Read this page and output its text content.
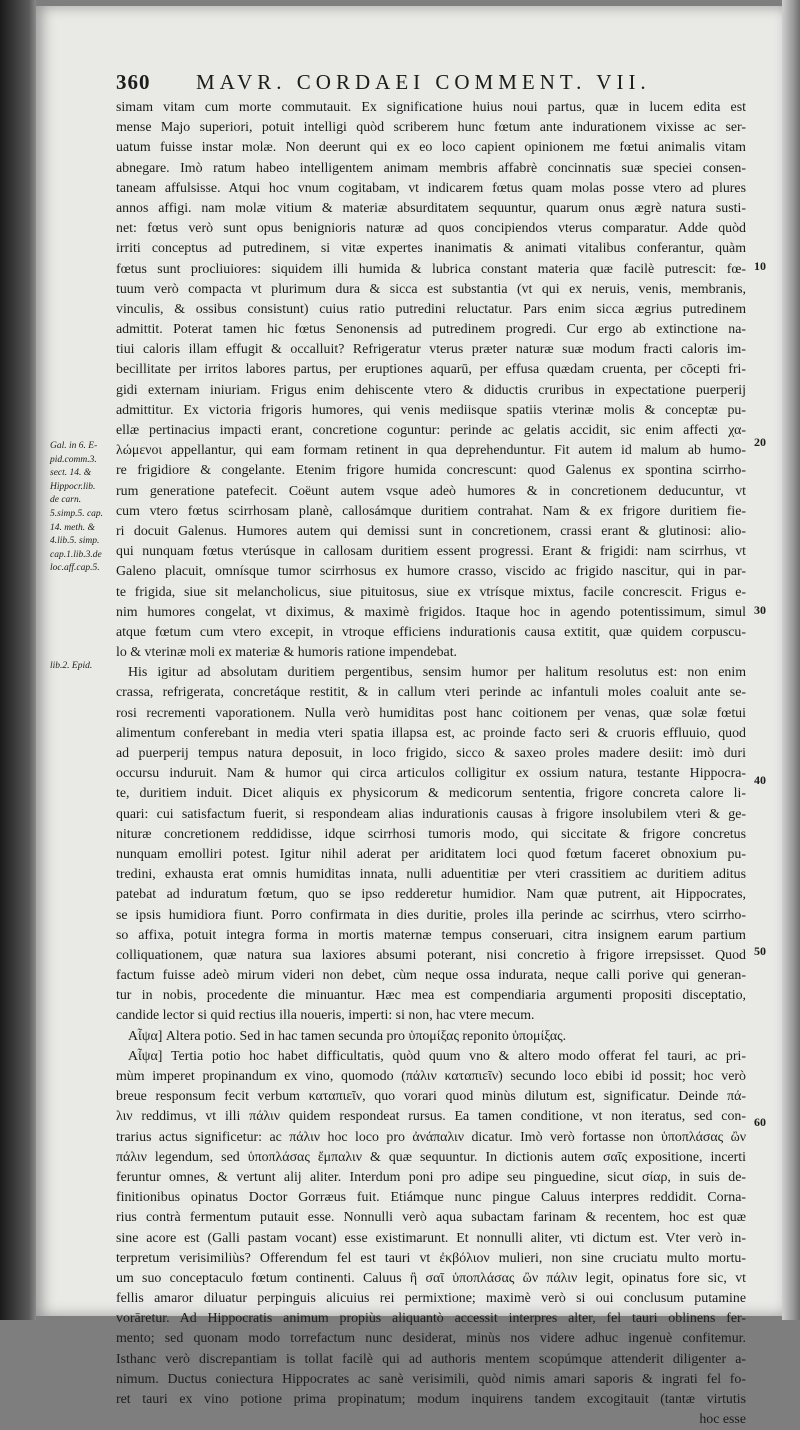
360 MAVR. CORDAEI COMMENT. VII.
Gal. in 6. E-
pid.comm.3.
sect. 14. &
Hippocr.lib.
de carn.
5.simp.5. cap.
14. meth. &
4.lib.5. simp.
cap.1.lib.3.de
loc.aff.cap.5.
lib.2. Epid.
10
20
30
40
50
60
simam vitam cum morte commutauit. Ex significatione huius noui partus, quæ in lucem edita est
mense Majo superiori, potuit intelligi quòd scriberem hunc fœtum ante indurationem vixisse ac ser-
uatum fuisse instar molæ. Non deerunt qui ex eo loco capient opinionem me fœtui animalis vitam
abnegare. Imò ratum habeo intelligentem animam membris affabrè concinnatis suæ speciei consen-
taneam affulsisse. Atqui hoc vnum cogitabam, vt indicarem fœtus quam molas posse vtero ad plures
annos affigi. nam molæ vitium & materiæ absurditatem sequuntur, quarum onus ægrè natura susti-
net: fœtus verò sunt opus benignioris naturæ ad quos concipiendos vterus comparatur. Adde quòd
irriti conceptus ad putredinem, si vitæ expertes inanimatis & animati vitalibus conferantur, quàm
fœtus sunt procliuiores: siquidem illi humida & lubrica constant materia quæ facilè putrescit: fœ-
tuum verò compacta vt plurimum dura & sicca est substantia (vt qui ex neruis, venis, membranis,
vinculis, & ossibus consistunt) cuius ratio putredini reluctatur. Pars enim sicca ægrius putredinem
admittit. Poterat tamen hic fœtus Senonensis ad putredinem progredi. Cur ergo ab extinctione na-
tiui caloris illam effugit & occalluit? Refrigeratur vterus præter naturæ suæ modum fracti caloris im-
becillitate per irritos labores partus, per eruptiones aquarū, per effusa quædam cruenta, per cōcepti fri-
gidi externam iniuriam. Frigus enim dehiscente vtero & diductis cruribus in expectatione puerperij
admittitur. Ex victoria frigoris humores, qui venis mediisque spatiis vterinæ molis & conceptæ pu-
ellæ pertinacius impacti erant, concretione coguntur: perinde ac gelatis accidit, sic enim affecti χα-
λώμενοι appellantur, qui eam formam retinent in qua deprehenduntur. Fit autem id malum ab humo-
re frigidiore & congelante. Etenim frigore humida concrescunt: quod Galenus ex spontina scirrho-
rum generatione patefecit. Coëunt autem vsque adeò humores & in concretionem deducuntur, vt
cum vtero fœtus scirrhosam planè, callosámque duritiem contrahat. Nam & ex frigore duritiem fie-
ri docuit Galenus. Humores autem qui demissi sunt in concretionem, crassi erant & glutinosi: alio-
qui nunquam fœtus vterúsque in callosam duritiem essent progressi. Erant & frigidi: nam scirrhus, vt
Galeno placuit, omnísque tumor scirrhosus ex humore crasso, viscido ac frigido nascitur, qui in par-
te frigida, siue sit melancholicus, siue pituitosus, siue ex vtrísque mixtus, facile concrescit. Frigus e-
nim humores congelat, vt diximus, & maximè frigidos. Itaque hoc in agendo potentissimum, simul
atque fœtum cum vtero excepit, in vtroque efficiens indurationis causa extitit, quæ quidem corpuscu-
lo & vterinæ moli ex materiæ & humoris ratione impendebat.
His igitur ad absolutam duritiem pergentibus, sensim humor per halitum resolutus est: non enim
crassa, refrigerata, concretáque restitit, & in callum vteri perinde ac infantuli moles coaluit ante se-
rosi recrementi vaporationem. Nulla verò humiditas post hanc coitionem per venas, quæ solæ fœtui
alimentum conferebant in media vteri spatia illapsa est, ac proinde facto seri & cruoris effluuio, quod
ad puerperij tempus natura deposuit, in loco frigido, sicco & saxeo proles madere desiit: imò duri
occursu induruit. Nam & humor qui circa articulos colligitur ex ossium natura, testante Hippocra-
te, duritiem induit. Dicet aliquis ex physicorum & medicorum sententia, frigore concreta calore li-
quari: cui satisfactum fuerit, si respondeam alias indurationis causas à frigore insolubilem vteri & ge-
nituræ concretionem reddidisse, idque scirrhosi tumoris modo, qui siccitate & frigore concretus
nunquam emolliri potest. Igitur nihil aderat per ariditatem loci quod fœtum faceret obnoxium pu-
tredini, exhausta erat omnis humiditas innata, nulli aduentitiæ per vteri crassitiem ac duritiem aditus
patebat ad induratum fœtum, quo se ipso redderetur humidior. Nam quæ putrent, ait Hippocrates,
se ipsis humidiora fiunt. Porro confirmata in dies duritie, proles illa perinde ac scirrhus, vtero scirrho-
so affixa, potuit integra forma in mortis maternæ tempus conseruari, citra insignem earum partium
colliquationem, quæ natura sua laxiores absumi poterant, nisi concretio à frigore irrepsisset. Quod
factum fuisse adeò mirum videri non debet, cùm neque ossa indurata, neque calli porive qui generan-
tur in nobis, procedente die minuantur. Hæc mea est compendiaria argumenti propositi disceptatio,
candide lector si quid rectius illa noueris, imperti: si non, hac vtere mecum.
Αἶψα] Altera potio. Sed in hac tamen secunda pro ὑπομίξας reponito ὑπομίξας.
Αἶψα] Tertia potio hoc habet difficultatis, quòd quum vno & altero modo offerat fel tauri, ac pri-
mùm imperet propinandum ex vino, quomodo (πάλιν καταπιεῖν) secundo loco ebibi id possit; hoc verò
breue responsum fecit verbum καταπιεῖν, quo vorari quod minùs dilutum est, significatur. Deinde πά-
λιν reddimus, vt illi πάλιν quidem respondeat rursus. Ea tamen conditione, vt non iteratus, sed con-
trarius actus significetur: ac πάλιν hoc loco pro ἀνάπαλιν dicatur. Imò verò fortasse non ὑποπλάσας ὢν
πάλιν legendum, sed ὑποπλάσας ἔμπαλιν & quæ sequuntur. In dictionis autem σαῖς expositione, incerti
feruntur omnes, & vertunt alij aliter. Interdum poni pro adipe seu pinguedine, sicut σίαρ, in suis de-
finitionibus opinatus Doctor Gorræus fuit. Etiámque nunc pingue Caluus interpres reddidit. Corna-
rius contrà fermentum putauit esse. Nonnulli verò aqua subactam farinam & recentem, hoc est quæ
sine acore est (Galli pastam vocant) esse existimarunt. Et nonnulli aliter, vti dictum est. Vter verò in-
terpretum verisimiliùs? Offerendum fel est tauri vt ἐκβόλιον mulieri, non sine cruciatu multo mortu-
um suo conceptaculo fœtum continenti. Caluus ἢ σαῖ ὑποπλάσας ὢν πάλιν legit, opinatus fore sic, vt
fellis amaror diluatur perpinguis alicuius rei permixtione; maximè verò si oui conclusum putamine
vorāretur. Ad Hippocratis animum propiùs aliquantò accessit interpres alter, fel tauri oblinens fer-
mento; sed quonam modo torrefactum nunc desiderat, minùs nos videre adhuc ingenuè confitemur.
Isthanc verò discrepantiam is tollat facilè qui ad authoris mentem scopúmque attenderit diligenter a-
nimum. Ductus coniectura Hippocrates ac sanè verisimili, quòd nimis amari saporis & ingrati fel fo-
ret tauri ex vino potione prima propinatum; modum inquirens tandem excogitauit (tantæ virtutis
hoc esse
